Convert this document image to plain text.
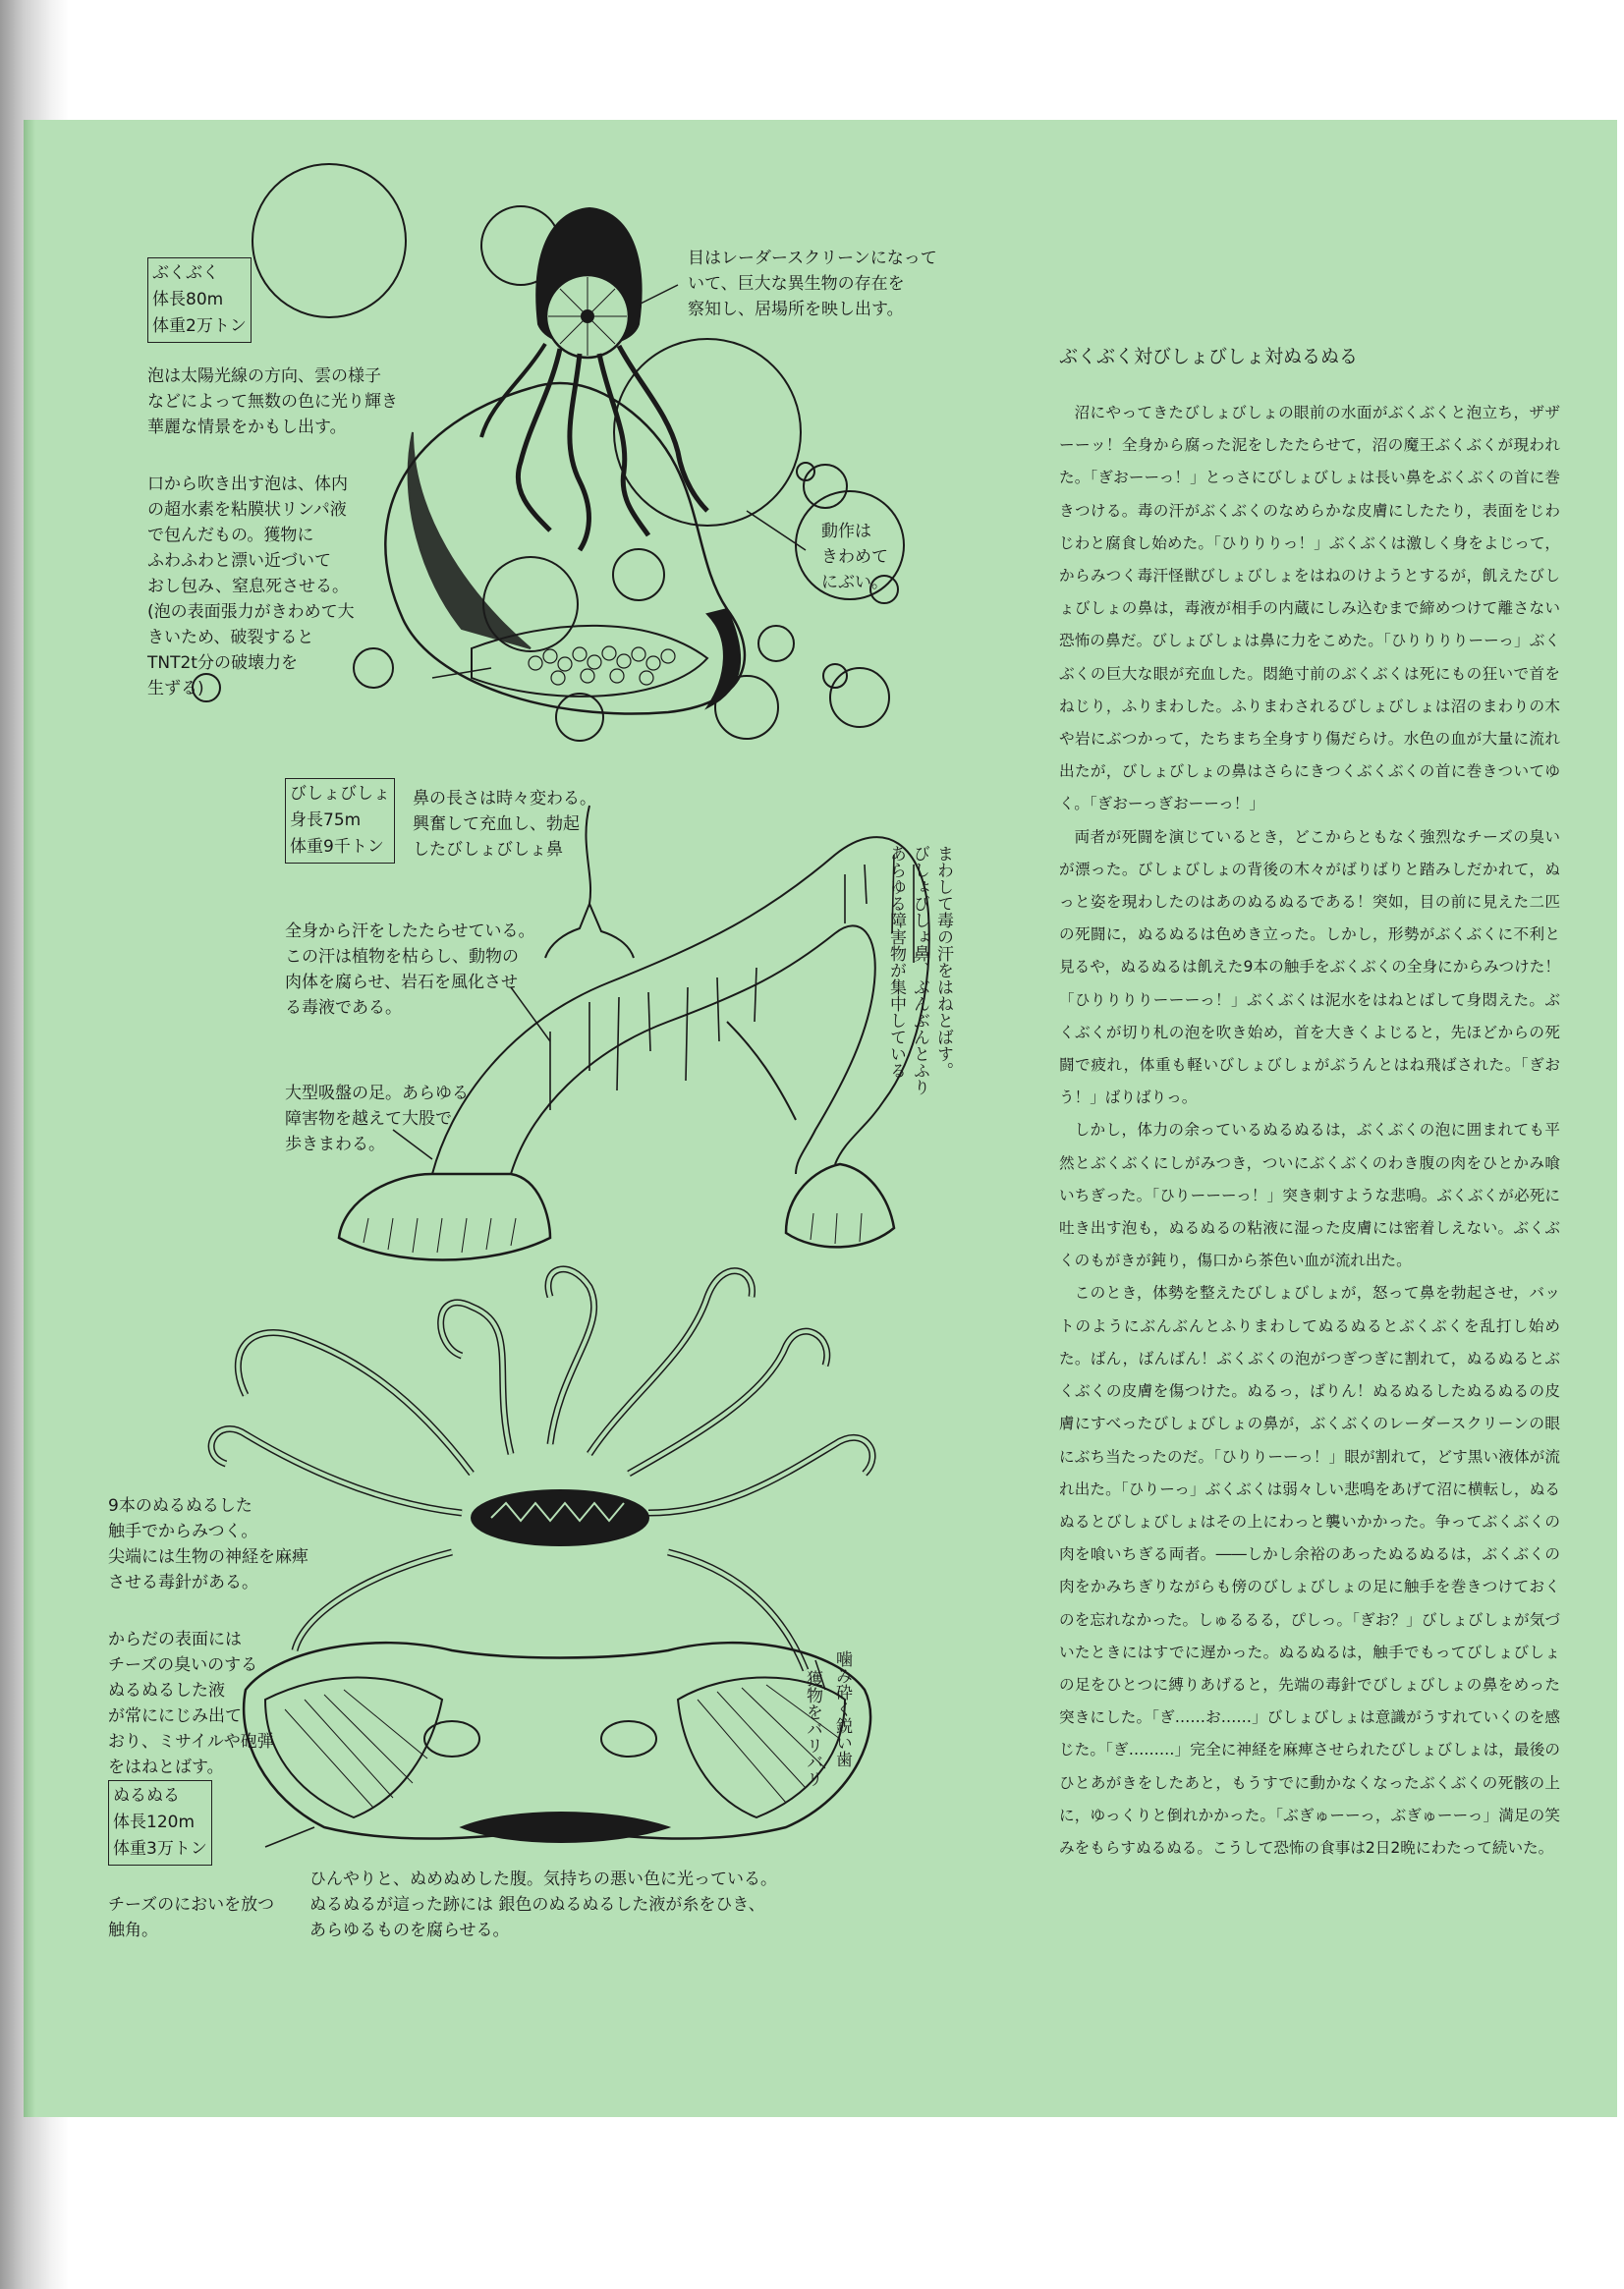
ぶくぶく
体長80m
体重2万トン
目はレーダースクリーンになって
いて、巨大な異生物の存在を
察知し、居場所を映し出す。
泡は太陽光線の方向、雲の様子
などによって無数の色に光り輝き
華麗な情景をかもし出す。
口から吹き出す泡は、体内
の超水素を粘膜状リンパ液
で包んだもの。獲物に
ふわふわと漂い近づいて
おし包み、窒息死させる。
(泡の表面張力がきわめて大
きいため、破裂すると
TNT2t分の破壊力を
生ずる)
動作は
きわめて
にぶい。
びしょびしょ
身長75m
体重9千トン
鼻の長さは時々変わる。
興奮して充血し、勃起
したびしょびしょ鼻
全身から汗をしたたらせている。
この汗は植物を枯らし、動物の
肉体を腐らせ、岩石を風化させ
る毒液である。
大型吸盤の足。あらゆる
障害物を越えて大股で
歩きまわる。
まわして毒の汗をはねとばす。
びしょびしょ鼻、ぶんぶんとふり
あらゆる障害物が集中している
9本のぬるぬるした
触手でからみつく。
尖端には生物の神経を麻痺
させる毒針がある。
からだの表面には
チーズの臭いのする
ぬるぬるした液
が常ににじみ出て
おり、ミサイルや砲弾
をはねとばす。
ぬるぬる
体長120m
体重3万トン
チーズのにおいを放つ
触角。
ひんやりと、ぬめぬめした腹。気持ちの悪い色に光っている。
ぬるぬるが這った跡には 銀色のぬるぬるした液が糸をひき、
あらゆるものを腐らせる。
噛み砕く鋭い歯
獲物をバリバリ
ぶくぶく対びしょびしょ対ぬるぬる

沼にやってきたびしょびしょの眼前の水面がぶくぶくと泡立ち，ザザーーッ！全身から腐った泥をしたたらせて，沼の魔王ぶくぶくが現われた。「ぎおーーっ！」とっさにびしょびしょは長い鼻をぶくぶくの首に巻きつける。毒の汗がぶくぶくのなめらかな皮膚にしたたり，表面をじわじわと腐食し始めた。「ひりりりっ！」ぶくぶくは激しく身をよじって，からみつく毒汗怪獣びしょびしょをはねのけようとするが，飢えたびしょびしょの鼻は，毒液が相手の内蔵にしみ込むまで締めつけて離さない恐怖の鼻だ。びしょびしょは鼻に力をこめた。「ひりりりりーーっ」ぶくぶくの巨大な眼が充血した。悶絶寸前のぶくぶくは死にもの狂いで首をねじり，ふりまわした。ふりまわされるびしょびしょは沼のまわりの木や岩にぶつかって，たちまち全身すり傷だらけ。水色の血が大量に流れ出たが，びしょびしょの鼻はさらにきつくぶくぶくの首に巻きついてゆく。「ぎおーっぎおーーっ！」

両者が死闘を演じているとき，どこからともなく強烈なチーズの臭いが漂った。びしょびしょの背後の木々がばりばりと踏みしだかれて，ぬっと姿を現わしたのはあのぬるぬるである！突如，目の前に見えた二匹の死闘に，ぬるぬるは色めき立った。しかし，形勢がぶくぶくに不利と見るや，ぬるぬるは飢えた9本の触手をぶくぶくの全身にからみつけた！「ひりりりりーーーっ！」ぶくぶくは泥水をはねとばして身悶えた。ぶくぶくが切り札の泡を吹き始め，首を大きくよじると，先ほどからの死闘で疲れ，体重も軽いびしょびしょがぶうんとはね飛ばされた。「ぎおう！」ばりばりっ。

しかし，体力の余っているぬるぬるは，ぶくぶくの泡に囲まれても平然とぶくぶくにしがみつき，ついにぶくぶくのわき腹の肉をひとかみ喰いちぎった。「ひりーーーっ！」突き刺すような悲鳴。ぶくぶくが必死に吐き出す泡も，ぬるぬるの粘液に湿った皮膚には密着しえない。ぶくぶくのもがきが鈍り，傷口から茶色い血が流れ出た。

このとき，体勢を整えたびしょびしょが，怒って鼻を勃起させ，バットのようにぶんぶんとふりまわしてぬるぬるとぶくぶくを乱打し始めた。ばん，ばんばん！ぶくぶくの泡がつぎつぎに割れて，ぬるぬるとぶくぶくの皮膚を傷つけた。ぬるっ，ばりん！ぬるぬるしたぬるぬるの皮膚にすべったびしょびしょの鼻が，ぶくぶくのレーダースクリーンの眼にぶち当たったのだ。「ひりりーーっ！」眼が割れて，どす黒い液体が流れ出た。「ひりーっ」ぶくぶくは弱々しい悲鳴をあげて沼に横転し，ぬるぬるとびしょびしょはその上にわっと襲いかかった。争ってぶくぶくの肉を喰いちぎる両者。――しかし余裕のあったぬるぬるは，ぶくぶくの肉をかみちぎりながらも傍のびしょびしょの足に触手を巻きつけておくのを忘れなかった。しゅるるる，ぴしっ。「ぎお？」びしょびしょが気づいたときにはすでに遅かった。ぬるぬるは，触手でもってびしょびしょの足をひとつに縛りあげると，先端の毒針でびしょびしょの鼻をめった突きにした。「ぎ……お……」びしょびしょは意識がうすれていくのを感じた。「ぎ………」完全に神経を麻痺させられたびしょびしょは，最後のひとあがきをしたあと，もうすでに動かなくなったぶくぶくの死骸の上に，ゆっくりと倒れかかった。「ぶぎゅーーっ，ぶぎゅーーっ」満足の笑みをもらすぬるぬる。こうして恐怖の食事は2日2晩にわたって続いた。
